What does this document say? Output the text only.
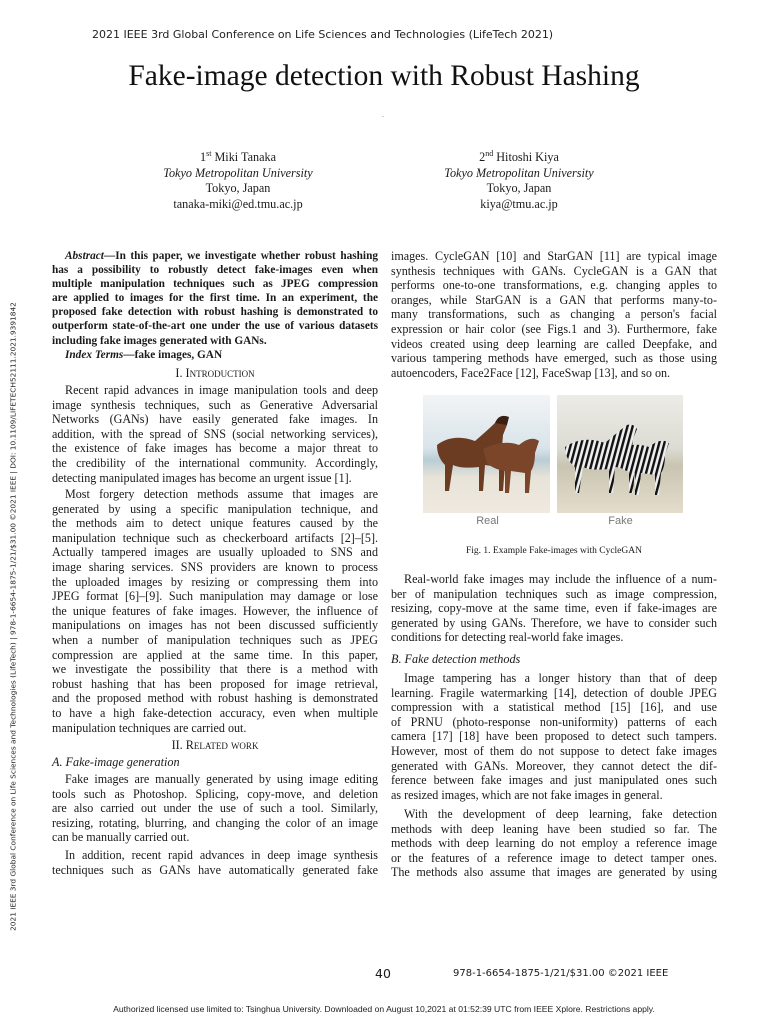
2021 IEEE 3rd Global Conference on Life Sciences and Technologies (LifeTech 2021)
Fake-image detection with Robust Hashing
.
1st Miki Tanaka
Tokyo Metropolitan University
Tokyo, Japan
tanaka-miki@ed.tmu.ac.jp
2nd Hitoshi Kiya
Tokyo Metropolitan University
Tokyo, Japan
kiya@tmu.ac.jp
Abstract—In this paper, we investigate whether robust hashing
has a possibility to robustly detect fake-images even when
multiple manipulation techniques such as JPEG compression
are applied to images for the first time. In an experiment, the
proposed fake detection with robust hashing is demonstrated to
outperform state-of-the-art one under the use of various datasets
including fake images generated with GANs.
Index Terms—fake images, GAN
I. Introduction
Recent rapid advances in image manipulation tools and deep
image synthesis techniques, such as Generative Adversarial
Networks (GANs) have easily generated fake images. In
addition, with the spread of SNS (social networking services),
the existence of fake images has become a major threat to
the credibility of the international community. Accordingly,
detecting manipulated images has become an urgent issue [1].
Most forgery detection methods assume that images are
generated by using a specific manipulation technique, and
the methods aim to detect unique features caused by the
manipulation technique such as checkerboard artifacts [2]–[5].
Actually tampered images are usually uploaded to SNS and
image sharing services. SNS providers are known to process
the uploaded images by resizing or compressing them into
JPEG format [6]–[9]. Such manipulation may damage or lose
the unique features of fake images. However, the influence of
manipulations on images has not been discussed sufficiently
when a number of manipulation techniques such as JPEG
compression are applied at the same time. In this paper,
we investigate the possibility that there is a method with
robust hashing that has been proposed for image retrieval,
and the proposed method with robust hashing is demonstrated
to have a high fake-detection accuracy, even when multiple
manipulation techniques are carried out.
II. Related work
A. Fake-image generation
Fake images are manually generated by using image editing
tools such as Photoshop. Splicing, copy-move, and deletion
are also carried out under the use of such a tool. Similarly,
resizing, rotating, blurring, and changing the color of an image
can be manually carried out.
In addition, recent rapid advances in deep image synthesis
techniques such as GANs have automatically generated fake
images. CycleGAN [10] and StarGAN [11] are typical image
synthesis techniques with GANs. CycleGAN is a GAN that
performs one-to-one transformations, e.g. changing apples to
oranges, while StarGAN is a GAN that performs many-to-
many transformations, such as changing a person's facial
expression or hair color (see Figs.1 and 3). Furthermore, fake
videos created using deep learning are called Deepfake, and
various tampering methods have emerged, such as those using
autoencoders, Face2Face [12], FaceSwap [13], and so on.
Real	Fake
Fig. 1. Example Fake-images with CycleGAN
Real-world fake images may include the influence of a num-
ber of manipulation techniques such as image compression,
resizing, copy-move at the same time, even if fake-images are
generated by using GANs. Therefore, we have to consider such
conditions for detecting real-world fake images.
B. Fake detection methods
Image tampering has a longer history than that of deep
learning. Fragile watermarking [14], detection of double JPEG
compression with a statistical method [15] [16], and use
of PRNU (photo-response non-uniformity) patterns of each
camera [17] [18] have been proposed to detect such tampers.
However, most of them do not suppose to detect fake images
generated with GANs. Moreover, they cannot detect the dif-
ference between fake images and just manipulated ones such
as resized images, which are not fake images in general.
With the development of deep learning, fake detection
methods with deep leaning have been studied so far. The
methods with deep learning do not employ a reference image
or the features of a reference image to detect tamper ones.
The methods also assume that images are generated by using
2021 IEEE 3rd Global Conference on Life Sciences and Technologies (LifeTech) | 978-1-6654-1875-1/21/$31.00 ©2021 IEEE | DOI: 10.1109/LIFETECH52111.2021.9391842
40	978-1-6654-1875-1/21/$31.00 ©2021 IEEE
Authorized licensed use limited to: Tsinghua University. Downloaded on August 10,2021 at 01:52:39 UTC from IEEE Xplore. Restrictions apply.
